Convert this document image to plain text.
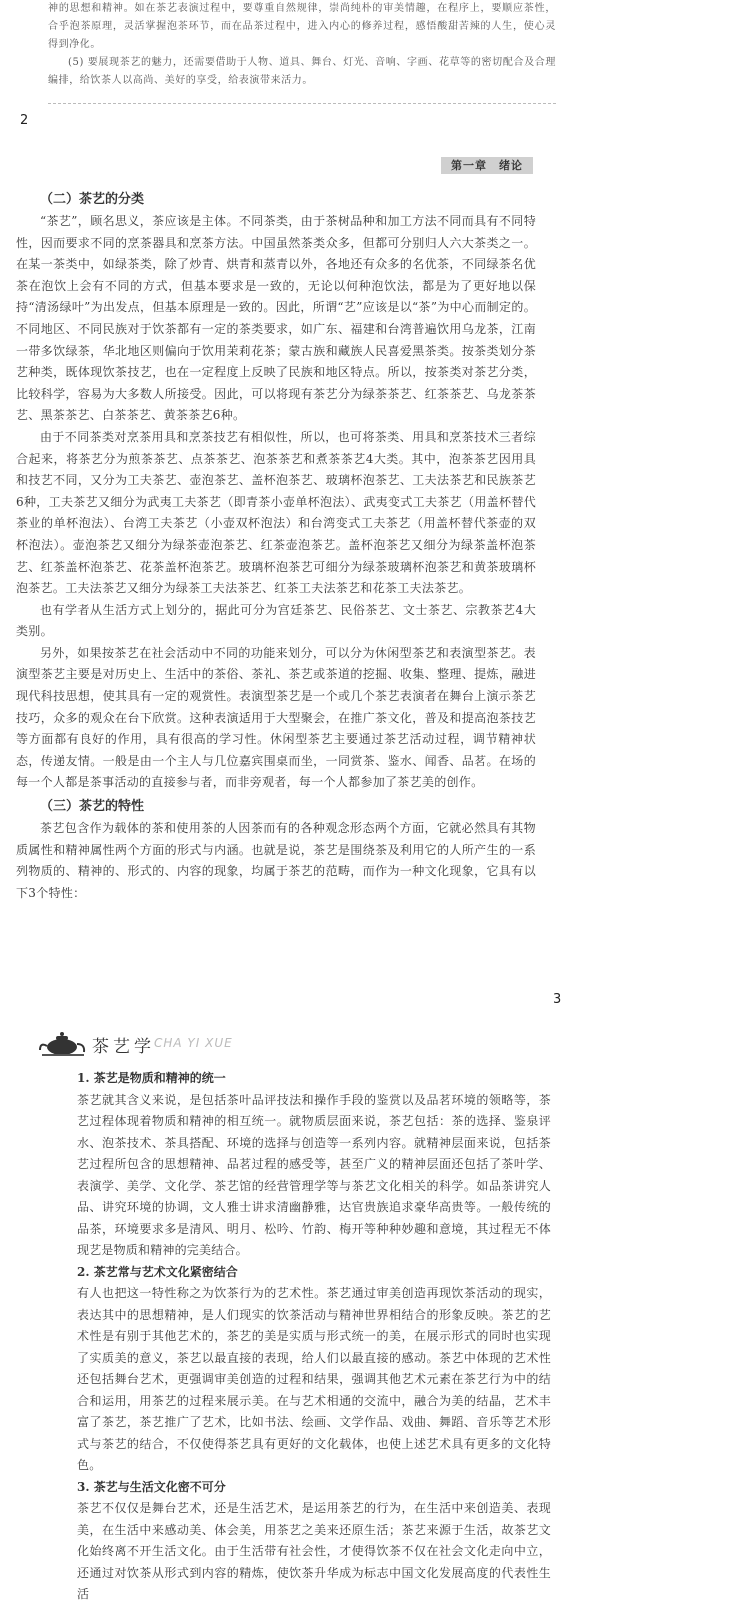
神的思想和精神。如在茶艺表演过程中，要尊重自然规律，崇尚纯朴的审美情趣，在程序上，要顺应茶性，合乎泡茶原理，灵活掌握泡茶环节，而在品茶过程中，进入内心的修养过程，感悟酸甜苦辣的人生，使心灵得到净化。

(5) 要展现茶艺的魅力，还需要借助于人物、道具、舞台、灯光、音响、字画、花草等的密切配合及合理编排，给饮茶人以高尚、美好的享受，给表演带来活力。

2
第一章　绪论
（二）茶艺的分类

“茶艺”，顾名思义，茶应该是主体。不同茶类，由于茶树品种和加工方法不同而具有不同特性，因而要求不同的烹茶器具和烹茶方法。中国虽然茶类众多，但都可分别归人六大茶类之一。在某一茶类中，如绿茶类，除了炒青、烘青和蒸青以外，各地还有众多的名优茶，不同绿茶名优茶在泡饮上会有不同的方式，但基本要求是一致的，无论以何种泡饮法，都是为了更好地以保持“清汤绿叶”为出发点，但基本原理是一致的。因此，所谓“艺”应该是以“茶”为中心而制定的。不同地区、不同民族对于饮茶都有一定的茶类要求，如广东、福建和台湾普遍饮用乌龙茶，江南一带多饮绿茶，华北地区则偏向于饮用茉莉花茶；蒙古族和藏族人民喜爱黑茶类。按茶类划分茶艺种类，既体现饮茶技艺，也在一定程度上反映了民族和地区特点。所以，按茶类对茶艺分类，比较科学，容易为大多数人所接受。因此，可以将现有茶艺分为绿茶茶艺、红茶茶艺、乌龙茶茶艺、黑茶茶艺、白茶茶艺、黄茶茶艺6种。

由于不同茶类对烹茶用具和烹茶技艺有相似性，所以，也可将茶类、用具和烹茶技术三者综合起来，将茶艺分为煎茶茶艺、点茶茶艺、泡茶茶艺和煮茶茶艺4大类。其中，泡茶茶艺因用具和技艺不同，又分为工夫茶艺、壶泡茶艺、盖杯泡茶艺、玻璃杯泡茶艺、工夫法茶艺和民族茶艺6种，工夫茶艺又细分为武夷工夫茶艺（即青茶小壶单杯泡法）、武夷变式工夫茶艺（用盖杯替代茶业的单杯泡法）、台湾工夫茶艺（小壶双杯泡法）和台湾变式工夫茶艺（用盖杯替代茶壶的双杯泡法）。壶泡茶艺又细分为绿茶壶泡茶艺、红茶壶泡茶艺。盖杯泡茶艺又细分为绿茶盖杯泡茶艺、红茶盖杯泡茶艺、花茶盖杯泡茶艺。玻璃杯泡茶艺可细分为绿茶玻璃杯泡茶艺和黄茶玻璃杯泡茶艺。工夫法茶艺又细分为绿茶工夫法茶艺、红茶工夫法茶艺和花茶工夫法茶艺。

也有学者从生活方式上划分的，据此可分为宫廷茶艺、民俗茶艺、文士茶艺、宗教茶艺4大类别。

另外，如果按茶艺在社会活动中不同的功能来划分，可以分为休闲型茶艺和表演型茶艺。表演型茶艺主要是对历史上、生活中的茶俗、茶礼、茶艺或茶道的挖掘、收集、整理、提炼，融进现代科技思想，使其具有一定的观赏性。表演型茶艺是一个或几个茶艺表演者在舞台上演示茶艺技巧，众多的观众在台下欣赏。这种表演适用于大型聚会，在推广茶文化，普及和提高泡茶技艺等方面都有良好的作用，具有很高的学习性。休闲型茶艺主要通过茶艺活动过程，调节精神状态，传递友情。一般是由一个主人与几位嘉宾围桌而坐，一同赏茶、鉴水、闻香、品茗。在场的每一个人都是茶事活动的直接参与者，而非旁观者，每一个人都参加了茶艺美的创作。

（三）茶艺的特性

茶艺包含作为载体的茶和使用茶的人因茶而有的各种观念形态两个方面，它就必然具有其物质属性和精神属性两个方面的形式与内涵。也就是说，茶艺是围绕茶及利用它的人所产生的一系列物质的、精神的、形式的、内容的现象，均属于茶艺的范畴，而作为一种文化现象，它具有以下3个特性：

3
茶艺学 CHA YI XUE
1. 茶艺是物质和精神的统一

茶艺就其含义来说，是包括茶叶品评技法和操作手段的鉴赏以及品茗环境的领略等，茶艺过程体现着物质和精神的相互统一。就物质层面来说，茶艺包括：茶的选择、鉴泉评水、泡茶技术、茶具搭配、环境的选择与创造等一系列内容。就精神层面来说，包括茶艺过程所包含的思想精神、品茗过程的感受等，甚至广义的精神层面还包括了茶叶学、表演学、美学、文化学、茶艺馆的经营管理学等与茶艺文化相关的科学。如品茶讲究人品、讲究环境的协调，文人雅士讲求清幽静雅，达官贵族追求豪华高贵等。一般传统的品茶，环境要求多是清风、明月、松吟、竹韵、梅开等种种妙趣和意境，其过程无不体现艺是物质和精神的完美结合。

2. 茶艺常与艺术文化紧密结合

有人也把这一特性称之为饮茶行为的艺术性。茶艺通过审美创造再现饮茶活动的现实，表达其中的思想精神，是人们现实的饮茶活动与精神世界相结合的形象反映。茶艺的艺术性是有别于其他艺术的，茶艺的美是实质与形式统一的美，在展示形式的同时也实现了实质美的意义，茶艺以最直接的表现，给人们以最直接的感动。茶艺中体现的艺术性还包括舞台艺术，更强调审美创造的过程和结果，强调其他艺术元素在茶艺行为中的结合和运用，用茶艺的过程来展示美。在与艺术相通的交流中，融合为美的结晶，艺术丰富了茶艺，茶艺推广了艺术，比如书法、绘画、文学作品、戏曲、舞蹈、音乐等艺术形式与茶艺的结合，不仅使得茶艺具有更好的文化载体，也使上述艺术具有更多的文化特色。

3. 茶艺与生活文化密不可分

茶艺不仅仅是舞台艺术，还是生活艺术，是运用茶艺的行为，在生活中来创造美、表现美，在生活中来感动美、体会美，用茶艺之美来还原生活；茶艺来源于生活，故茶艺文化始终离不开生活文化。由于生活带有社会性，才使得饮茶不仅在社会文化走向中立，还通过对饮茶从形式到内容的精炼，使饮茶升华成为标志中国文化发展高度的代表性生活
